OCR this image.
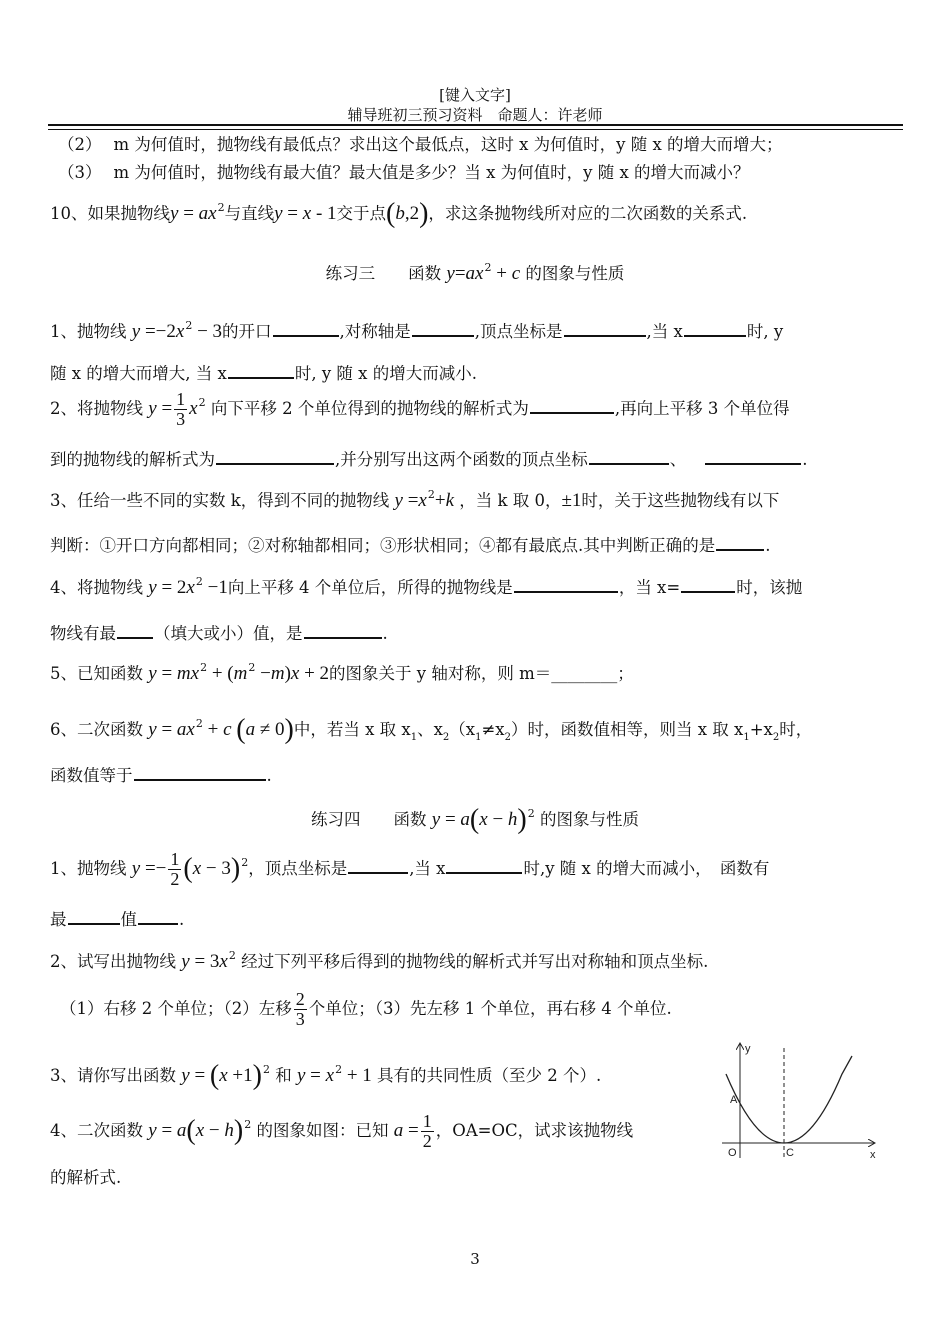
[键入文字]
辅导班初三预习资料　命题人：许老师
（2） m 为何值时，抛物线有最低点？求出这个最低点，这时 x 为何值时，y 随 x 的增大而增大；
（3） m 为何值时，抛物线有最大值？最大值是多少？当 x 为何值时，y 随 x 的增大而减小？
10、如果抛物线$y = ax^2$与直线y = x - 1交于点(b,2)，求这条抛物线所对应的二次函数的关系式.
练习三　　函数 $y=ax^2 + c$ 的图象与性质
1、抛物线 $y =-2x^2 - 3$的开口	,对称轴是	,顶点坐标是	,当 x	时, y
随 x 的增大而增大, 当 x	时, y 随 x 的增大而减小.
2、将抛物线 $y = \frac{1}{3} x^2$ 向下平移 2 个单位得到的抛物线的解析式为	,再向上平移 3 个单位得
到的抛物线的解析式为	,并分别写出这两个函数的顶点坐标	、	.
3、任给一些不同的实数 k，得到不同的抛物线 $y =x^2+k$ ，当 k 取 0，±1时，关于这些抛物线有以下
判断：①开口方向都相同；②对称轴都相同；③形状相同；④都有最底点.其中判断正确的是	.
4、将抛物线 $y = 2x^2 -1$向上平移 4 个单位后，所得的抛物线是	，当 x=	时，该抛
物线有最 （填大或小）值，是	.
5、已知函数 $y = mx^2 + (m^2 -m)x + 2$的图象关于 y 轴对称，则 m＝________；
6、二次函数 $y = ax^2 + c$ (a ≠ 0)中，若当 x 取 $x_1$、$x_2(x_1\ne x_2)$时，函数值相等，则当 x 取 $x_1+x_2$时，
函数值等于	.
练习四　　函数 $y = a(x - h)^2$ 的图象与性质
1、抛物线 $y =- \frac{1}{2} (x - 3)^2$，顶点坐标是	,当 x	时,y 随 x 的增大而减小，　函数有
最	值	.
2、试写出抛物线 $y = 3x^2$ 经过下列平移后得到的抛物线的解析式并写出对称轴和顶点坐标.
（1）右移 2 个单位；（2）左移 $\frac{2}{3}$ 个单位；（3）先左移 1 个单位，再右移 4 个单位.
3、请你写出函数 $y = (x +1)^2$ 和 $y = x^2 + 1$ 具有的共同性质（至少 2 个）.
4、二次函数 $y = a(x - h)^2$ 的图象如图：已知 $a = \frac{1}{2}$ ，OA=OC，试求该抛物线
的解析式.
y
x
O
A
C
3
